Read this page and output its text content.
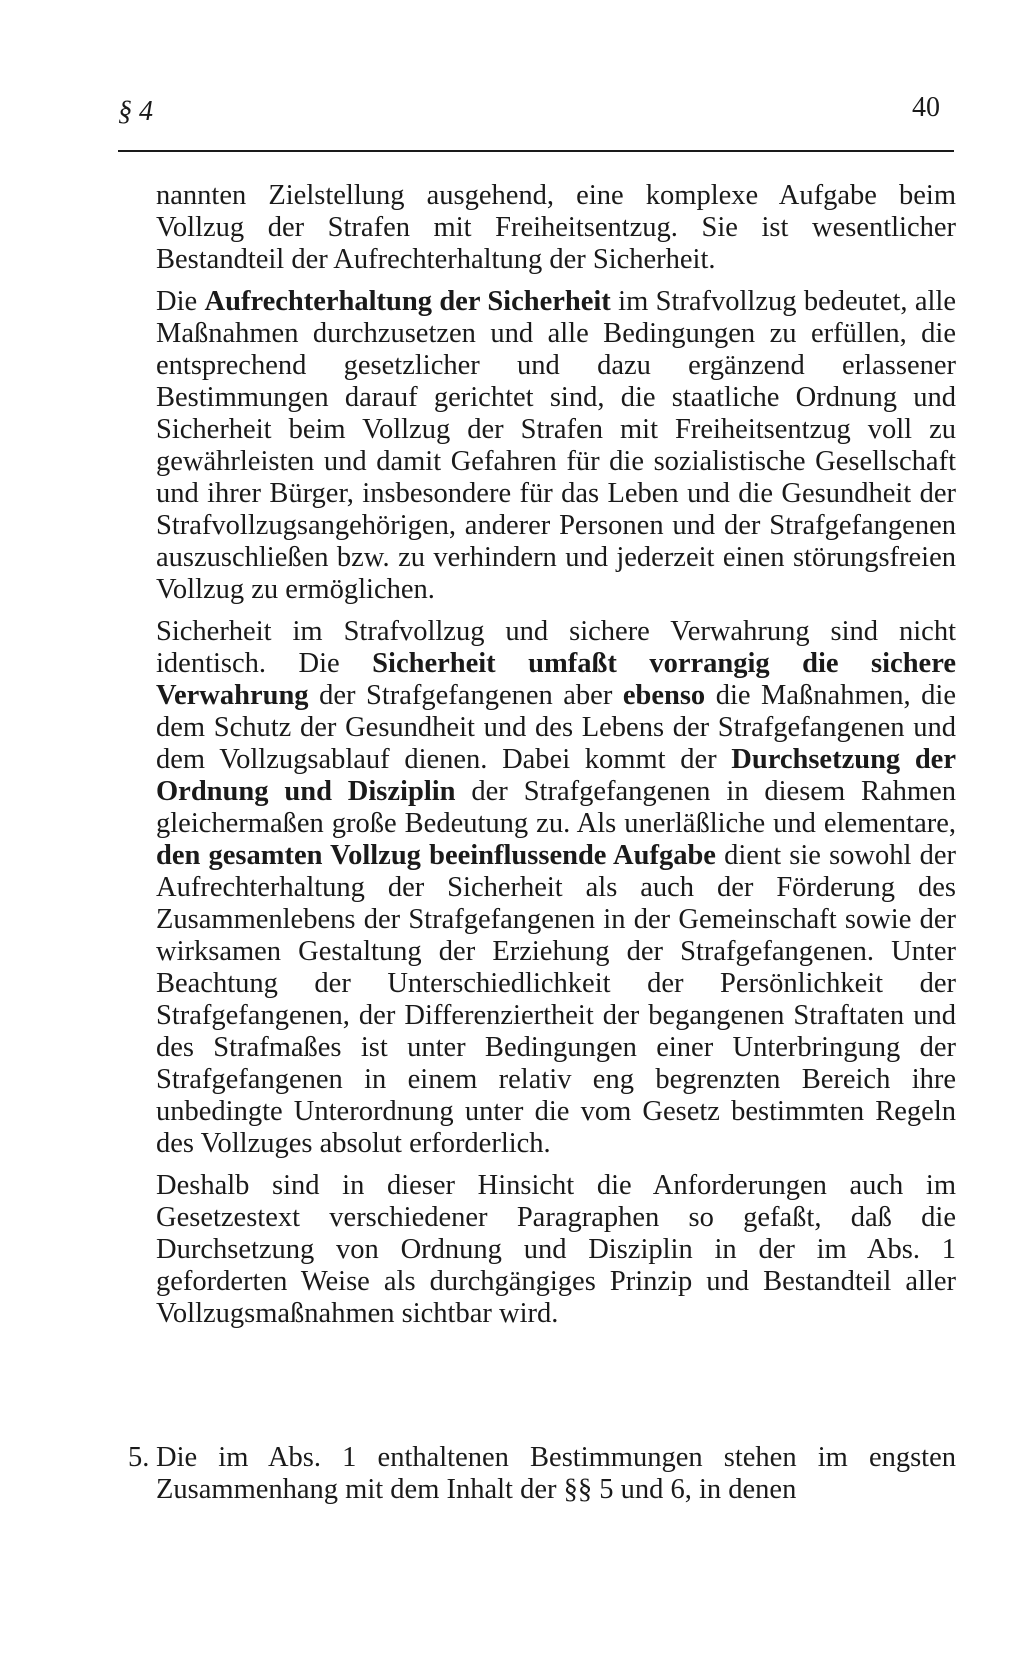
§ 4	40

nannten Zielstellung ausgehend, eine komplexe Aufgabe beim Vollzug der Strafen mit Freiheitsentzug. Sie ist wesentlicher Bestandteil der Aufrechterhaltung der Sicherheit.

Die Aufrechterhaltung der Sicherheit im Strafvollzug bedeutet, alle Maßnahmen durchzusetzen und alle Bedingungen zu erfüllen, die entsprechend gesetzlicher und dazu ergänzend erlassener Bestimmungen darauf gerichtet sind, die staatliche Ordnung und Sicherheit beim Vollzug der Strafen mit Freiheitsentzug voll zu gewährleisten und damit Gefahren für die sozialistische Gesellschaft und ihrer Bürger, insbesondere für das Leben und die Gesundheit der Strafvollzugsangehörigen, anderer Personen und der Strafgefangenen auszuschließen bzw. zu verhindern und jederzeit einen störungsfreien Vollzug zu ermöglichen.

Sicherheit im Strafvollzug und sichere Verwahrung sind nicht identisch. Die Sicherheit umfaßt vorrangig die sichere Verwahrung der Strafgefangenen aber ebenso die Maßnahmen, die dem Schutz der Gesundheit und des Lebens der Strafgefangenen und dem Vollzugsablauf dienen. Dabei kommt der Durchsetzung der Ordnung und Disziplin der Strafgefangenen in diesem Rahmen gleichermaßen große Bedeutung zu. Als unerläßliche und elementare, den gesamten Vollzug beeinflussende Aufgabe dient sie sowohl der Aufrechterhaltung der Sicherheit als auch der Förderung des Zusammenlebens der Strafgefangenen in der Gemeinschaft sowie der wirksamen Gestaltung der Erziehung der Strafgefangenen. Unter Beachtung der Unterschiedlichkeit der Persönlichkeit der Strafgefangenen, der Differenziertheit der begangenen Straftaten und des Strafmaßes ist unter Bedingungen einer Unterbringung der Strafgefangenen in einem relativ eng begrenzten Bereich ihre unbedingte Unterordnung unter die vom Gesetz bestimmten Regeln des Vollzuges absolut erforderlich.

Deshalb sind in dieser Hinsicht die Anforderungen auch im Gesetzestext verschiedener Paragraphen so gefaßt, daß die Durchsetzung von Ordnung und Disziplin in der im Abs. 1 geforderten Weise als durchgängiges Prinzip und Bestandteil aller Vollzugsmaßnahmen sichtbar wird.

5. Die im Abs. 1 enthaltenen Bestimmungen stehen im engsten Zusammenhang mit dem Inhalt der §§ 5 und 6, in denen
